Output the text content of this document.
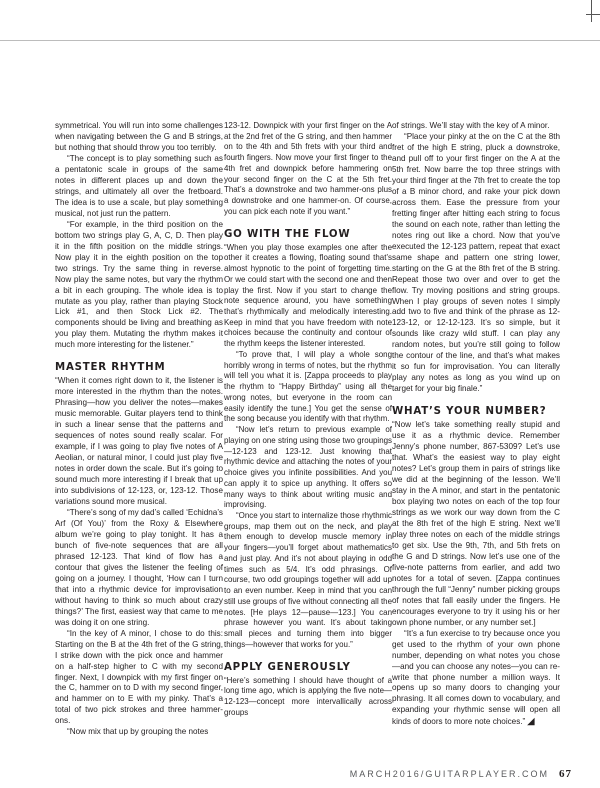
symmetrical. You will run into some challenges when navigating between the G and B strings, but nothing that should throw you too terribly.

“The concept is to play something such as a pentatonic scale in groups of the same notes in different places up and down the strings, and ultimately all over the fretboard. The idea is to use a scale, but play something musical, not just run the pattern.

“For example, in the third position on the bottom two strings play G, A, C, D. Then play it in the fifth position on the middle strings. Now play it in the eighth position on the top two strings. Try the same thing in reverse. Now play the same notes, but vary the rhythm a bit in each grouping. The whole idea is to mutate as you play, rather than playing Stock Lick #1, and then Stock Lick #2. The components should be living and breathing as you play them. Mutating the rhythm makes it much more interesting for the listener.”

MASTER RHYTHM

“When it comes right down to it, the listener is more interested in the rhythm than the notes. Phrasing—how you deliver the notes—makes music memorable. Guitar players tend to think in such a linear sense that the patterns and sequences of notes sound really scalar. For example, if I was going to play five notes of A Aeolian, or natural minor, I could just play five notes in order down the scale. But it’s going to sound much more interesting if I break that up into subdivisions of 12-123, or, 123-12. Those variations sound more musical.

“There’s song of my dad’s called ‘Echidna’s Arf (Of You)’ from the Roxy & Elsewhere album we’re going to play tonight. It has a bunch of five-note sequences that are all phrased 12-123. That kind of flow has a contour that gives the listener the feeling of going on a journey. I thought, ‘How can I turn that into a rhythmic device for improvisation without having to think so much about crazy things?’ The first, easiest way that came to me was doing it on one string.

“In the key of A minor, I chose to do this: Starting on the B at the 4th fret of the G string, I strike down with the pick once and hammer on a half-step higher to C with my second finger. Next, I downpick with my first finger on the C, hammer on to D with my second finger, and hammer on to E with my pinky. That’s a total of two pick strokes and three hammer-ons.

“Now mix that up by grouping the notes

123-12. Downpick with your first finger on the A at the 2nd fret of the G string, and then hammer on to the 4th and 5th frets with your third and fourth fingers. Now move your first finger to the 4th fret and downpick before hammering on your second finger on the C at the 5th fret. That’s a downstroke and two hammer-ons plus a downstroke and one hammer-on. Of course, you can pick each note if you want.”

GO WITH THE FLOW

“When you play those examples one after the other it creates a flowing, floating sound that’s almost hypnotic to the point of forgetting time. Or we could start with the second one and then play the first. Now if you start to change the note sequence around, you have something that’s rhythmically and melodically interesting. Keep in mind that you have freedom with note choices because the continuity and contour of the rhythm keeps the listener interested.

“To prove that, I will play a whole song horribly wrong in terms of notes, but the rhythm will tell you what it is. [Zappa proceeds to play the rhythm to “Happy Birthday” using all the wrong notes, but everyone in the room can easily identify the tune.] You get the sense of the song because you identify with that rhythm.

“Now let’s return to previous example of playing on one string using those two groupings—12-123 and 123-12. Just knowing that rhythmic device and attaching the notes of your choice gives you infinite possibilities. And you can apply it to spice up anything. It offers so many ways to think about writing music and improvising.

“Once you start to internalize those rhythmic groups, map them out on the neck, and play them enough to develop muscle memory in your fingers—you’ll forget about mathematics and just play. And it’s not about playing in odd times such as 5/4. It’s odd phrasings. Of course, two odd groupings together will add up to an even number. Keep in mind that you can still use groups of five without connecting all the notes. [He plays 12—pause—123.] You can phrase however you want. It’s about taking small pieces and turning them into bigger things—however that works for you.”

APPLY GENEROUSLY

“Here’s something I should have thought of a long time ago, which is applying the five note—12-123—concept more intervallically across groups

of strings. We’ll stay with the key of A minor.

“Place your pinky at the on the C at the 8th fret of the high E string, pluck a downstroke, and pull off to your first finger on the A at the 5th fret. Now barre the top three strings with your third finger at the 7th fret to create the top of a B minor chord, and rake your pick down across them. Ease the pressure from your fretting finger after hitting each string to focus the sound on each note, rather than letting the notes ring out like a chord. Now that you’ve executed the 12-123 pattern, repeat that exact same shape and pattern one string lower, starting on the G at the 8th fret of the B string. Repeat those two over and over to get the flow. Try moving positions and string groups. When I play groups of seven notes I simply add two to five and think of the phrase as 12-123-12, or 12-12-123. It’s so simple, but it sounds like crazy wild stuff. I can play any random notes, but you’re still going to follow the contour of the line, and that’s what makes it so fun for improvisation. You can literally play any notes as long as you wind up on target for your big finale.”

WHAT’S YOUR NUMBER?

“Now let’s take something really stupid and use it as a rhythmic device. Remember Jenny’s phone number, 867-5309? Let’s use that. What’s the easiest way to play eight notes? Let’s group them in pairs of strings like we did at the beginning of the lesson. We’ll stay in the A minor, and start in the pentatonic box playing two notes on each of the top four strings as we work our way down from the C at the 8th fret of the high E string. Next we’ll play three notes on each of the middle strings to get six. Use the 9th, 7th, and 5th frets on the G and D strings. Now let’s use one of the five-note patterns from earlier, and add two notes for a total of seven. [Zappa continues through the full “Jenny” number picking groups of notes that fall easily under the fingers. He encourages everyone to try it using his or her own phone number, or any number set.]

“It’s a fun exercise to try because once you get used to the rhythm of your own phone number, depending on what notes you chose—and you can choose any notes—you can re-write that phone number a million ways. It opens up so many doors to changing your phrasing. It all comes down to vocabulary, and expanding your rhythmic sense will open all kinds of doors to more note choices.” ◢

MARCH2016/GUITARPLAYER.COM 67
